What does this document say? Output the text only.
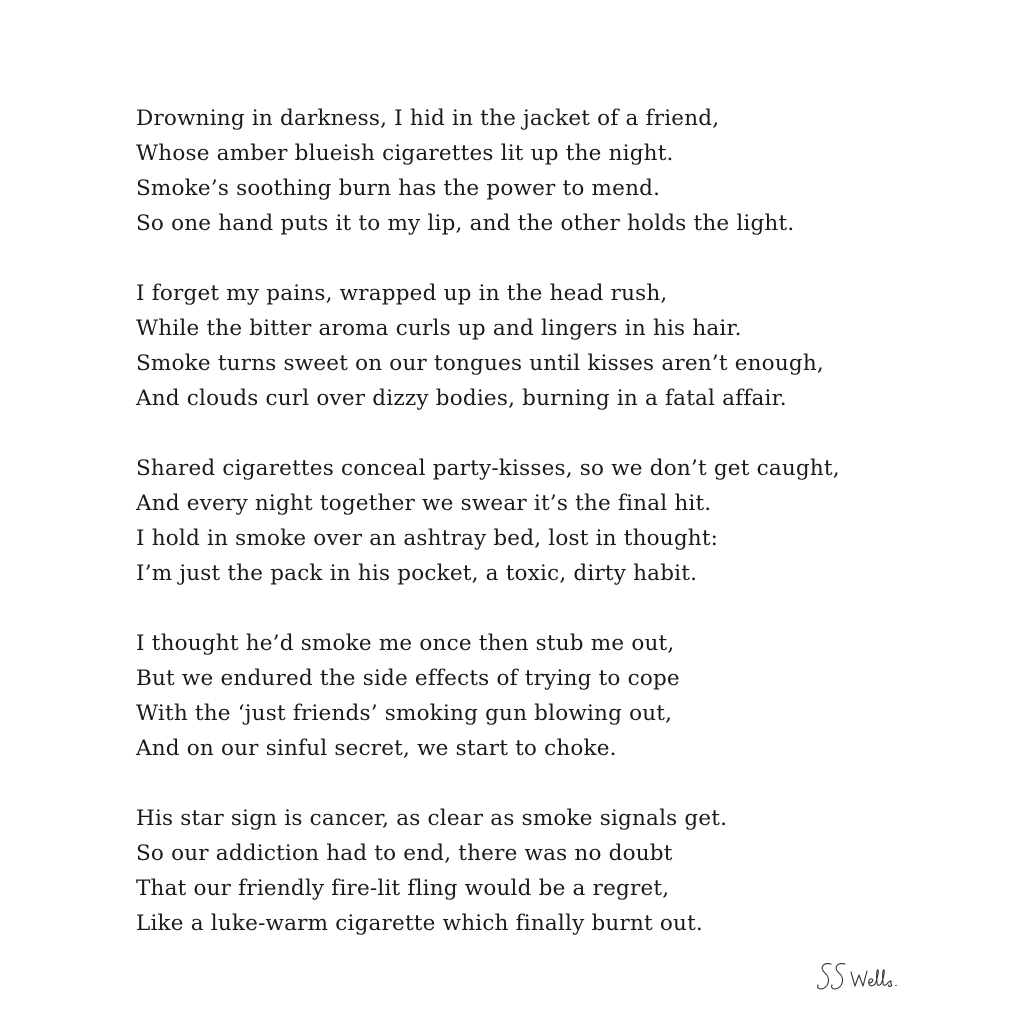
Drowning in darkness, I hid in the jacket of a friend,
Whose amber blueish cigarettes lit up the night.
Smoke’s soothing burn has the power to mend.
So one hand puts it to my lip, and the other holds the light.
I forget my pains, wrapped up in the head rush,
While the bitter aroma curls up and lingers in his hair.
Smoke turns sweet on our tongues until kisses aren’t enough,
And clouds curl over dizzy bodies, burning in a fatal affair.
Shared cigarettes conceal party-kisses, so we don’t get caught,
And every night together we swear it’s the final hit.
I hold in smoke over an ashtray bed, lost in thought:
I’m just the pack in his pocket, a toxic, dirty habit.
I thought he’d smoke me once then stub me out,
But we endured the side effects of trying to cope
With the ‘just friends’ smoking gun blowing out,
And on our sinful secret, we start to choke.
His star sign is cancer, as clear as smoke signals get.
So our addiction had to end, there was no doubt
That our friendly fire-lit fling would be a regret,
Like a luke-warm cigarette which finally burnt out.
